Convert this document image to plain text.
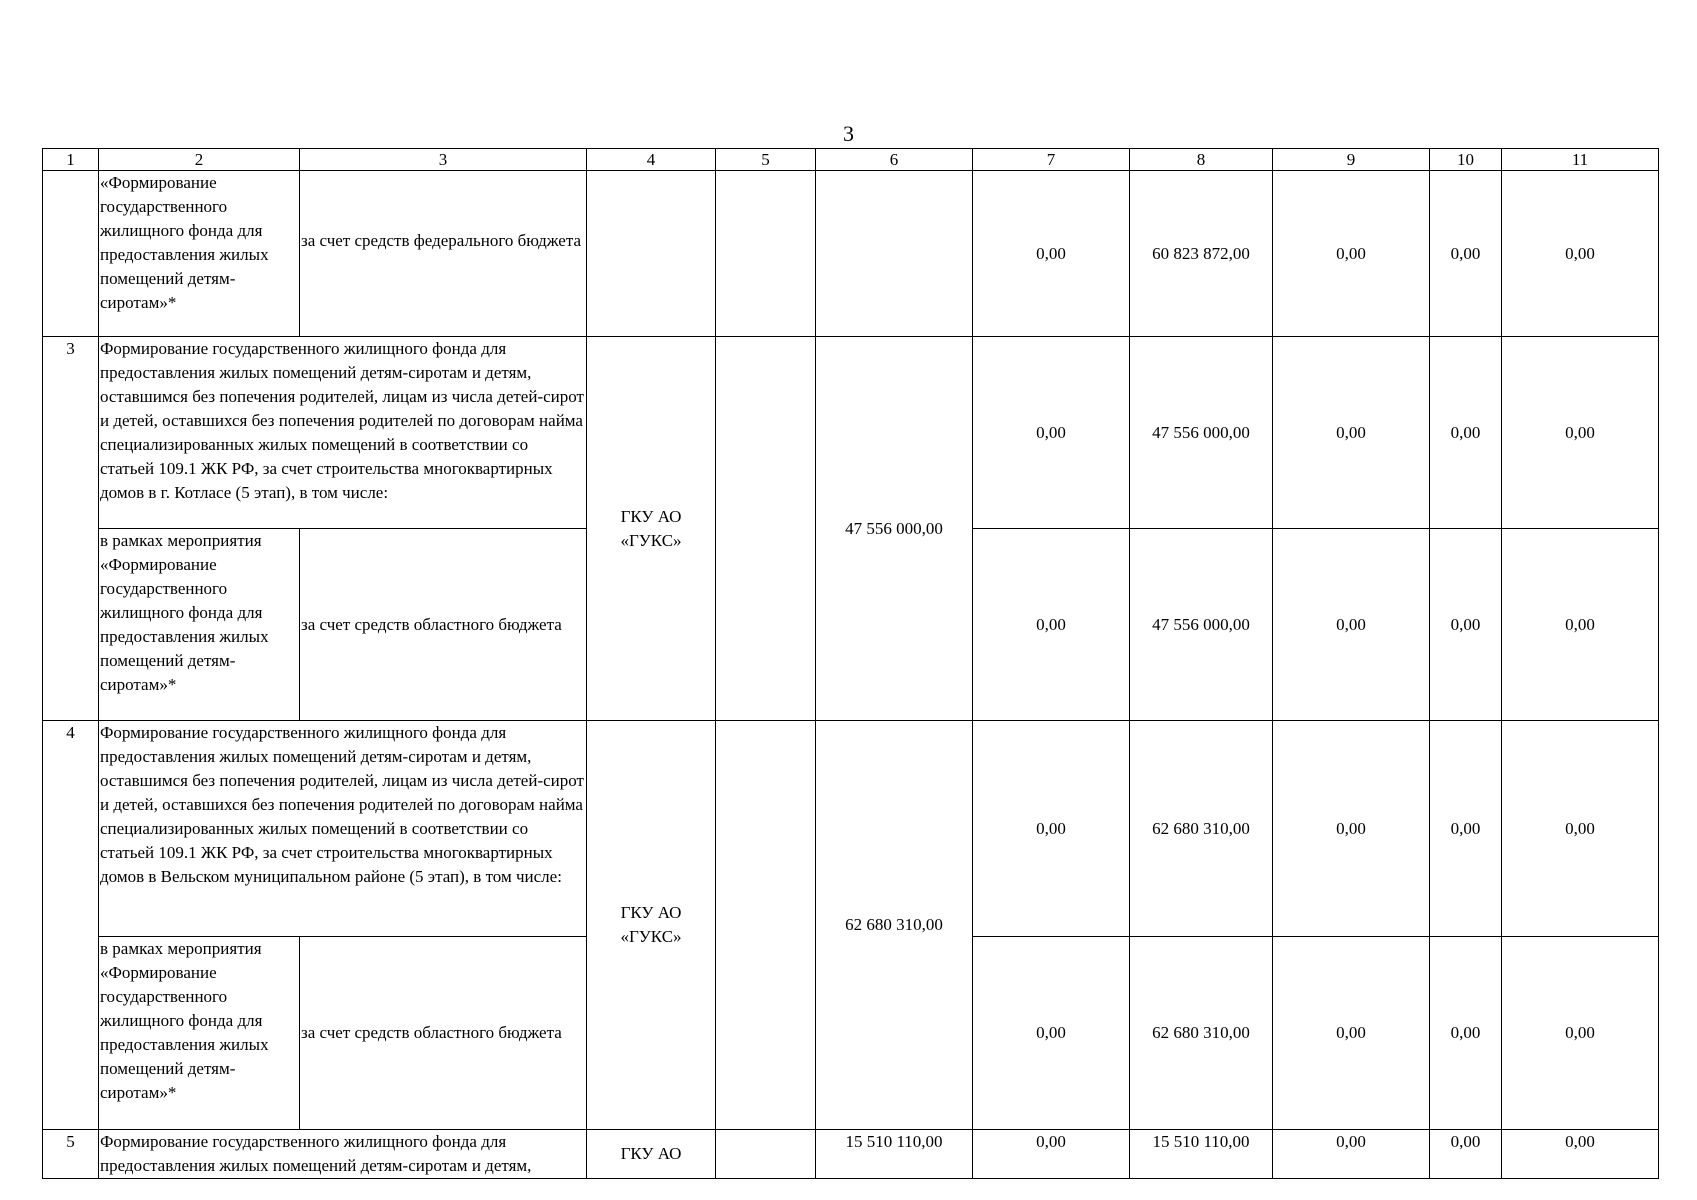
3
1	2	3	4	5	6	7	8	9	10	11
	«Формирование государственного жилищного фонда для предоставления жилых помещений детям-сиротам»*	за счет средств федерального бюджета				0,00	60 823 872,00	0,00	0,00	0,00
3	Формирование государственного жилищного фонда для предоставления жилых помещений детям-сиротам и детям, оставшимся без попечения родителей, лицам из числа детей-сирот и детей, оставшихся без попечения родителей по договорам найма специализированных жилых помещений в соответствии со статьей 109.1 ЖК РФ, за счет строительства многоквартирных домов в г. Котласе (5 этап), в том числе:		ГКУ АО «ГУКС»		47 556 000,00	0,00	47 556 000,00	0,00	0,00	0,00
	в рамках мероприятия «Формирование государственного жилищного фонда для предоставления жилых помещений детям-сиротам»*	за счет средств областного бюджета				0,00	47 556 000,00	0,00	0,00	0,00
4	Формирование государственного жилищного фонда для предоставления жилых помещений детям-сиротам и детям, оставшимся без попечения родителей, лицам из числа детей-сирот и детей, оставшихся без попечения родителей по договорам найма специализированных жилых помещений в соответствии со статьей 109.1 ЖК РФ, за счет строительства многоквартирных домов в Вельском муниципальном районе (5 этап), в том числе:		ГКУ АО «ГУКС»		62 680 310,00	0,00	62 680 310,00	0,00	0,00	0,00
	в рамках мероприятия «Формирование государственного жилищного фонда для предоставления жилых помещений детям-сиротам»*	за счет средств областного бюджета				0,00	62 680 310,00	0,00	0,00	0,00
5	Формирование государственного жилищного фонда для предоставления жилых помещений детям-сиротам и детям,		ГКУ АО		15 510 110,00	0,00	15 510 110,00	0,00	0,00	0,00
